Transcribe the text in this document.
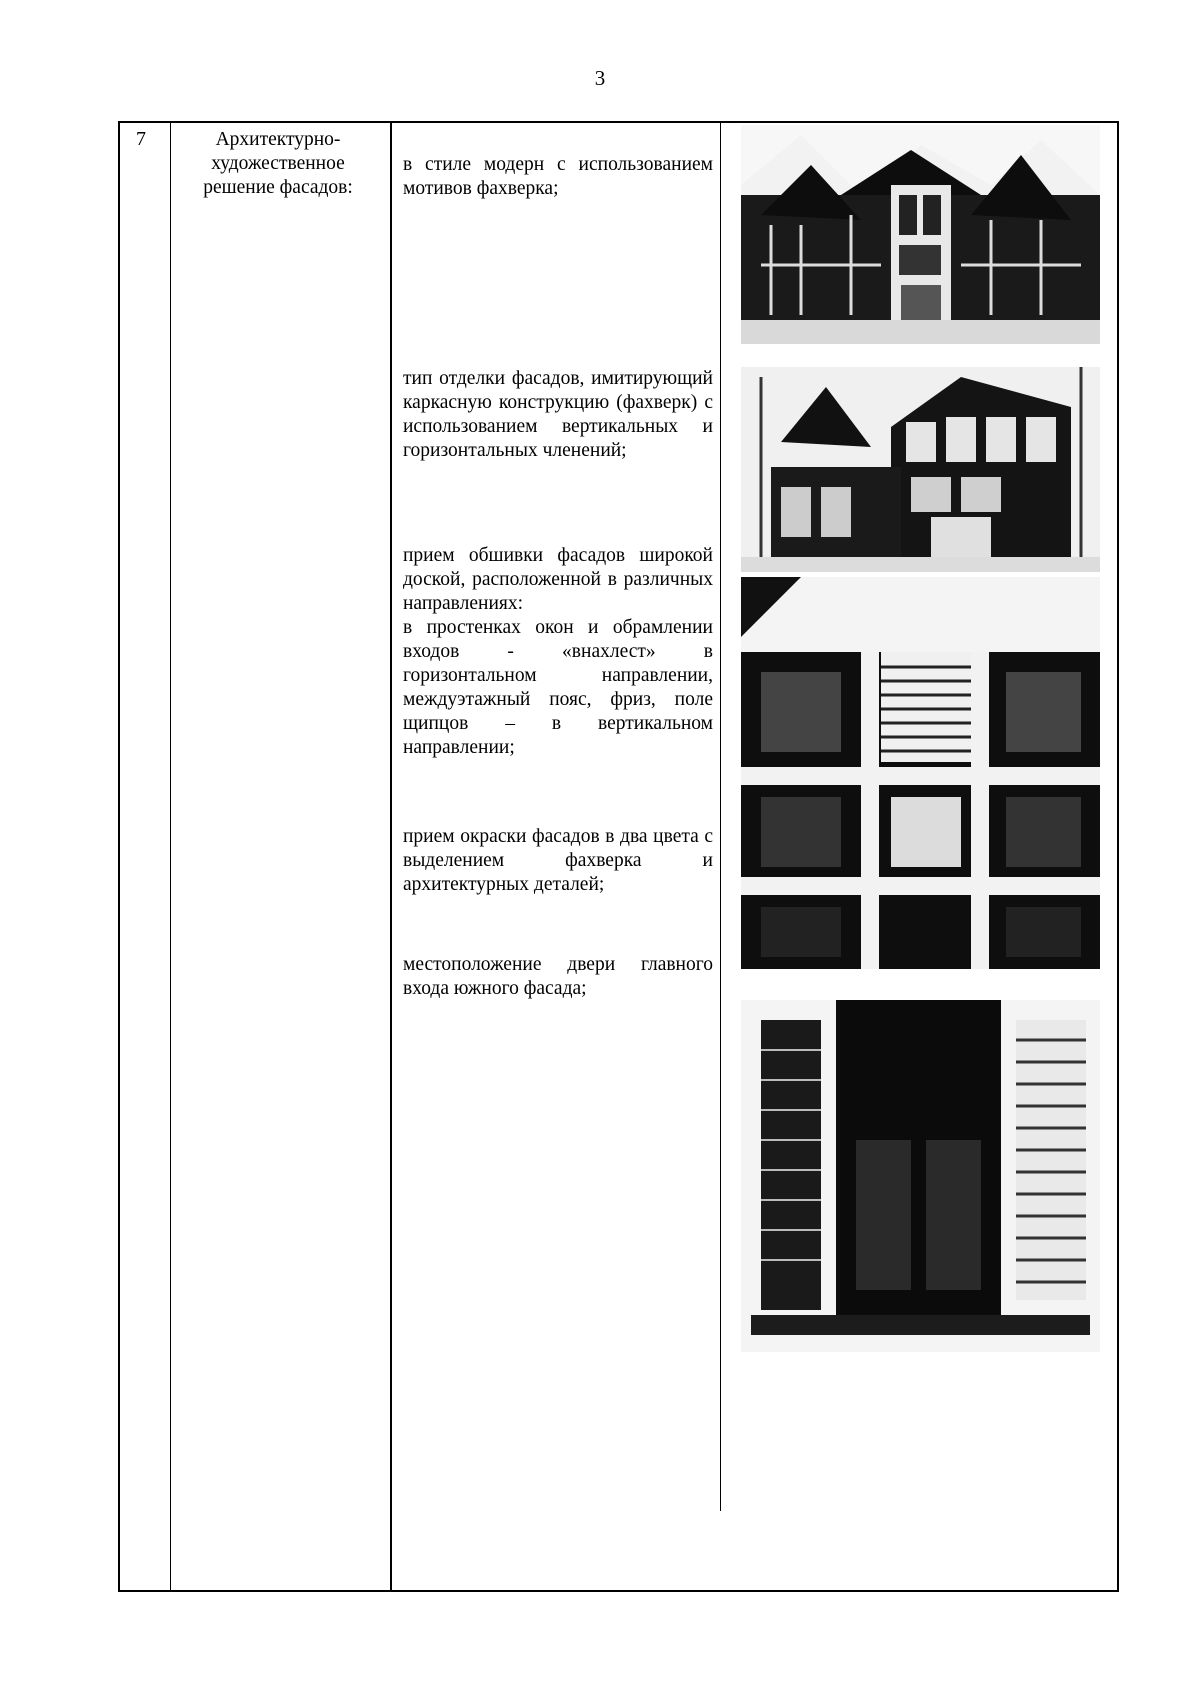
3
7	Архитектурно-художественное решение фасадов:

в стиле модерн с использованием мотивов фахверка;

тип отделки фасадов, имитирующий каркасную конструкцию (фахверк) с использованием вертикальных и горизонтальных членений;

прием обшивки фасадов широкой доской, расположенной в различных направлениях:

в простенках окон и обрамлении входов - «внахлест» в горизонтальном направлении, междуэтажный пояс, фриз, поле щипцов – в вертикальном направлении;

прием окраски фасадов в два цвета с выделением фахверка и архитектурных деталей;

местоположение двери главного входа южного фасада;
